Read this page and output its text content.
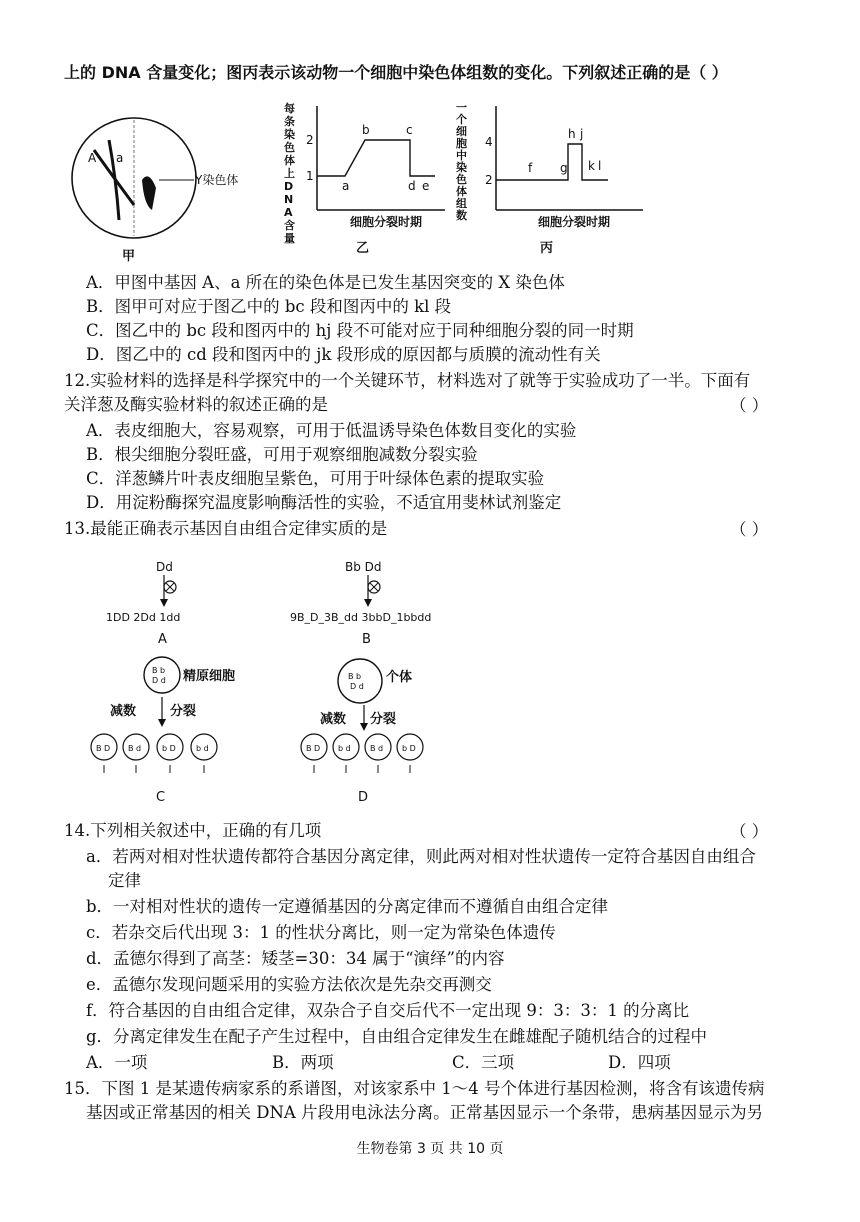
上的 DNA 含量变化；图丙表示该动物一个细胞中染色体组数的变化。下列叙述正确的是（ ）
A a
Y染色体
甲
2
1
a
b	c
d e
细胞分裂时期
乙
每条染色体上DNA含量
4
2
f g
h j
k l
细胞分裂时期
丙
一个细胞中染色体组数
A．甲图中基因 A、a 所在的染色体是已发生基因突变的 X 染色体
B．图甲可对应于图乙中的 bc 段和图丙中的 kl 段
C．图乙中的 bc 段和图丙中的 hj 段不可能对应于同种细胞分裂的同一时期
D．图乙中的 cd 段和图丙中的 jk 段形成的原因都与质膜的流动性有关
12.实验材料的选择是科学探究中的一个关键环节，材料选对了就等于实验成功了一半。下面有
关洋葱及酶实验材料的叙述正确的是	（ ）
A．表皮细胞大，容易观察，可用于低温诱导染色体数目变化的实验
B．根尖细胞分裂旺盛，可用于观察细胞减数分裂实验
C．洋葱鳞片叶表皮细胞呈紫色，可用于叶绿体色素的提取实验
D．用淀粉酶探究温度影响酶活性的实验，不适宜用斐林试剂鉴定
13.最能正确表示基因自由组合定律实质的是	（ ）
Dd
1DD 2Dd 1dd
A
Bb Dd
9B_D_3B_dd 3bbD_1bbdd
B
B b
D d 精原细胞
减数	分裂
B D B d	b D	b d
C
B b
D d
个体
减数 分裂
B D b d B d b D
D
14.下列相关叙述中，正确的有几项	（ ）
a．若两对相对性状遗传都符合基因分离定律，则此两对相对性状遗传一定符合基因自由组合
定律
b．一对相对性状的遗传一定遵循基因的分离定律而不遵循自由组合定律
c．若杂交后代出现 3：1 的性状分离比，则一定为常染色体遗传
d．孟德尔得到了高茎：矮茎=30：34 属于“演绎”的内容
e．孟德尔发现问题采用的实验方法依次是先杂交再测交
f．符合基因的自由组合定律，双杂合子自交后代不一定出现 9：3：3：1 的分离比
g．分离定律发生在配子产生过程中，自由组合定律发生在雌雄配子随机结合的过程中
A．一项	B．两项	C．三项	D．四项
15．下图 1 是某遗传病家系的系谱图，对该家系中 1～4 号个体进行基因检测，将含有该遗传病
基因或正常基因的相关 DNA 片段用电泳法分离。正常基因显示一个条带，患病基因显示为另
生物卷第 3 页 共 10 页
